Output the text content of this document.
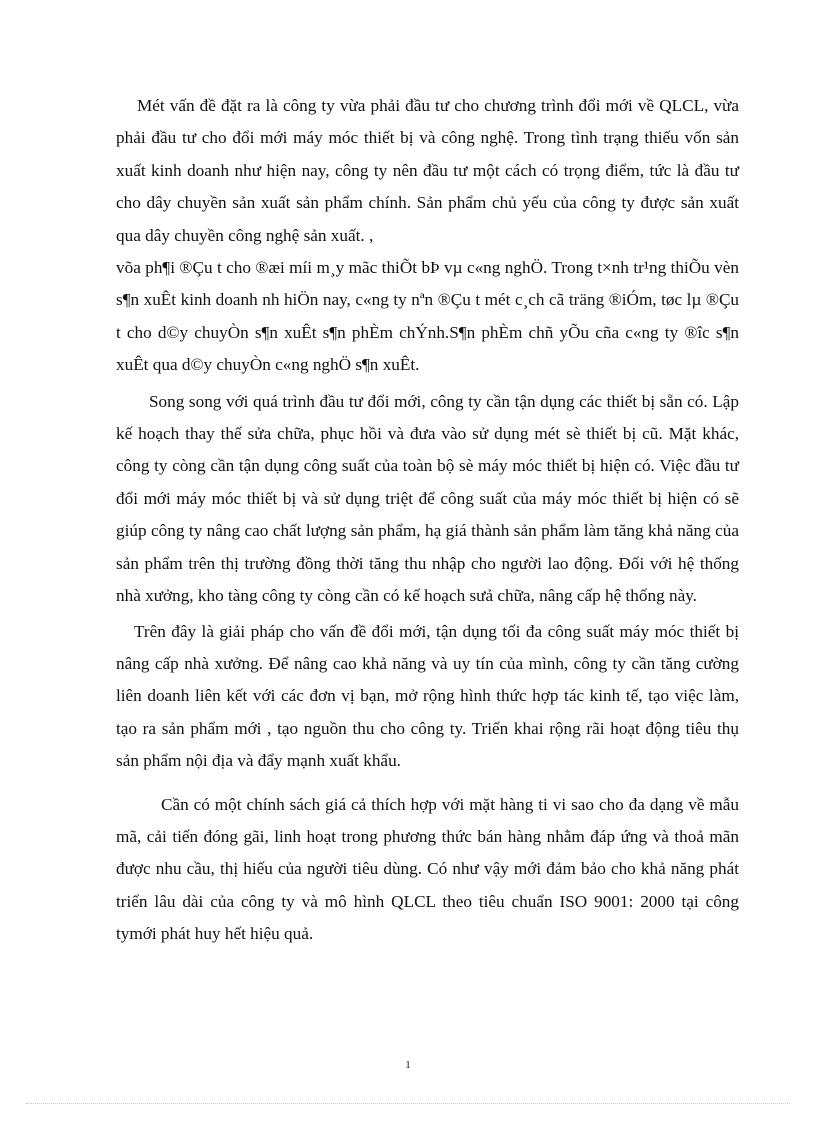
Mét vấn đề đặt ra là công ty vừa phải đầu tư cho chương trình đổi mới về QLCL, vừa phải đầu tư cho đổi mới máy móc thiết bị và công nghệ. Trong tình trạng thiếu vốn sản xuất kinh doanh như hiện nay, công ty nên đầu tư một cách có trọng điểm, tức là đầu tư cho dây chuyền sản xuất sản phẩm chính. Sản phẩm chủ yếu của công ty được sản xuất qua dây chuyền công nghệ sản xuất. ,
võa ph¶i ®Çu t cho ®æi míi m¸y mãc thiÕt bÞ vµ c«ng nghÖ. Trong t×nh tr¹ng thiÕu vèn s¶n xuÊt kinh doanh nh hiÖn nay, c«ng ty nªn ®Çu t mét c¸ch cã träng ®iÓm, tøc lµ ®Çu t cho d©y chuyÒn s¶n xuÊt s¶n phÈm chÝnh.S¶n phÈm chñ yÕu cña c«ng ty ®îc s¶n xuÊt qua d©y chuyÒn c«ng nghÖ s¶n xuÊt.

Song song với quá trình đầu tư đổi mới, công ty cần tận dụng các thiết bị sẵn có. Lập kế hoạch thay thế sửa chữa, phục hồi và đưa vào sử dụng mét sè thiết bị cũ. Mặt khác, công ty còng cần tận dụng công suất của toàn bộ sè máy móc thiết bị hiện có. Việc đầu tư đổi mới máy móc thiết bị và sử dụng triệt để công suất của máy móc thiết bị hiện có sẽ giúp công ty nâng cao chất lượng sản phẩm, hạ giá thành sản phẩm làm tăng khả năng của sản phẩm trên thị trường đồng thời tăng thu nhập cho người lao động. Đối với hệ thống nhà xưởng, kho tàng công ty còng cần có kế hoạch sưả chữa, nâng cấp hệ thống này.

Trên đây là giải pháp cho vấn đề đổi mới, tận dụng tối đa công suất máy móc thiết bị nâng cấp nhà xưởng. Để nâng cao khả năng và uy tín của mình, công ty cần tăng cường liên doanh liên kết với các đơn vị bạn, mở rộng hình thức hợp tác kinh tế, tạo việc làm, tạo ra sản phẩm mới , tạo nguồn thu cho công ty. Triển khai rộng rãi hoạt động tiêu thụ sản phẩm nội địa và đẩy mạnh xuất khẩu.

Cần có một chính sách giá cả thích hợp với mặt hàng ti vi sao cho đa dạng về mẫu mã, cải tiến đóng gãi, linh hoạt trong phương thức bán hàng nhằm đáp ứng và thoả mãn được nhu cầu, thị hiếu của người tiêu dùng. Có như vậy mới đảm bảo cho khả năng phát triển lâu dài của công ty và mô hình QLCL theo tiêu chuẩn ISO 9001: 2000 tại công tymới phát huy hết hiệu quả.

1
